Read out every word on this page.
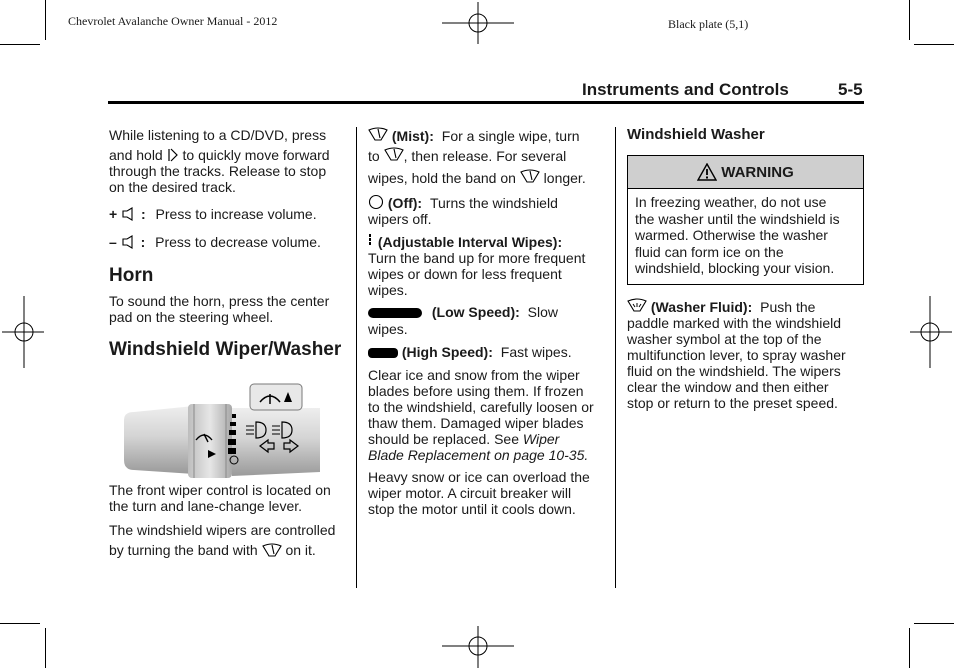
Chevrolet Avalanche Owner Manual - 2012	Black plate (5,1)
Instruments and Controls	5-5
While listening to a CD/DVD, press
and hold to quickly move forward
through the tracks. Release to stop
on the desired track.
+ : Press to increase volume.
– : Press to decrease volume.
Horn
To sound the horn, press the center
pad on the steering wheel.
Windshield Wiper/Washer
The front wiper control is located on
the turn and lane-change lever.
The windshield wipers are controlled
by turning the band with on it.
(Mist): For a single wipe, turn
to , then release. For several
wipes, hold the band on longer.
(Off): Turns the windshield
wipers off.
(Adjustable Interval Wipes):
Turn the band up for more frequent
wipes or down for less frequent
wipes.
(Low Speed): Slow
wipes.
(High Speed): Fast wipes.
Clear ice and snow from the wiper
blades before using them. If frozen
to the windshield, carefully loosen or
thaw them. Damaged wiper blades
should be replaced. See Wiper
Blade Replacement on page 10-35.
Heavy snow or ice can overload the
wiper motor. A circuit breaker will
stop the motor until it cools down.
Windshield Washer
WARNING
In freezing weather, do not use
the washer until the windshield is
warmed. Otherwise the washer
fluid can form ice on the
windshield, blocking your vision.
(Washer Fluid): Push the
paddle marked with the windshield
washer symbol at the top of the
multifunction lever, to spray washer
fluid on the windshield. The wipers
clear the window and then either
stop or return to the preset speed.
